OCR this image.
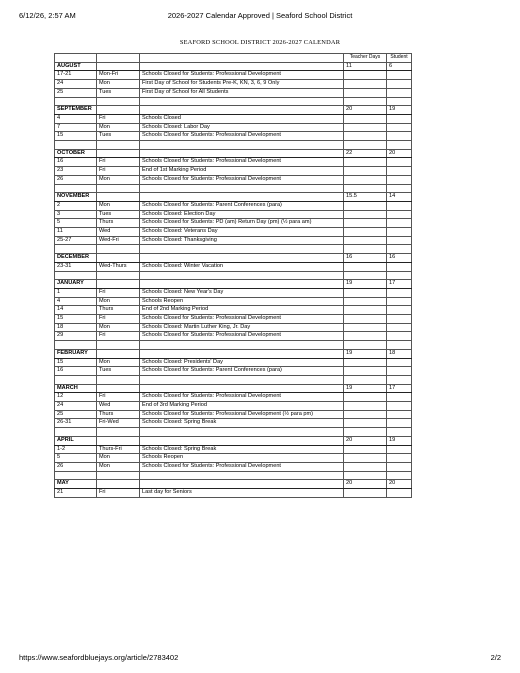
6/12/26, 2:57 AM	2026-2027 Calendar Approved | Seaford School District
SEAFORD SCHOOL DISTRICT 2026-2027 CALENDAR
			Teacher Days	Student
AUGUST			11	6
17-21	Mon-Fri	Schools Closed for Students: Professional Development		
24	Mon	First Day of School for Students Pre-K, KN, 3, 6, 9 Only		
25	Tues	First Day of School for All Students		

SEPTEMBER			20	19
4	Fri	Schools Closed		
7	Mon	Schools Closed: Labor Day		
15	Tues	Schools Closed for Students: Professional Development		

OCTOBER			22	20
16	Fri	Schools Closed for Students: Professional Development		
23	Fri	End of 1st Marking Period		
26	Mon	Schools Closed for Students: Professional Development		

NOVEMBER			15.5	14
2	Mon	Schools Closed for Students: Parent Conferences (para)		
3	Tues	Schools Closed: Election Day		
5	Thurs	Schools Closed for Students: PD (am) Return Day (pm) (½ para am)		
11	Wed	Schools Closed: Veterans Day		
25-27	Wed-Fri	Schools Closed: Thanksgiving		

DECEMBER			16	16
23-31	Wed-Thurs	Schools Closed: Winter Vacation		

JANUARY			19	17
1	Fri	Schools Closed: New Year's Day		
4	Mon	Schools Reopen		
14	Thurs	End of 2nd Marking Period		
15	Fri	Schools Closed for Students: Professional Development		
18	Mon	Schools Closed: Martin Luther King, Jr. Day		
29	Fri	Schools Closed for Students: Professional Development		

FEBRUARY			19	18
15	Mon	Schools Closed: Presidents' Day		
16	Tues	Schools Closed for Students: Parent Conferences (para)		

MARCH			19	17
12	Fri	Schools Closed for Students: Professional Development		
24	Wed	End of 3rd Marking Period		
25	Thurs	Schools Closed for Students: Professional Development (½ para pm)		
26-31	Fri-Wed	Schools Closed: Spring Break		

APRIL			20	19
1-2	Thurs-Fri	Schools Closed: Spring Break		
5	Mon	Schools Reopen		
26	Mon	Schools Closed for Students: Professional Development		

MAY			20	20
21	Fri	Last day for Seniors		
https://www.seafordbluejays.org/article/2783402	2/2
